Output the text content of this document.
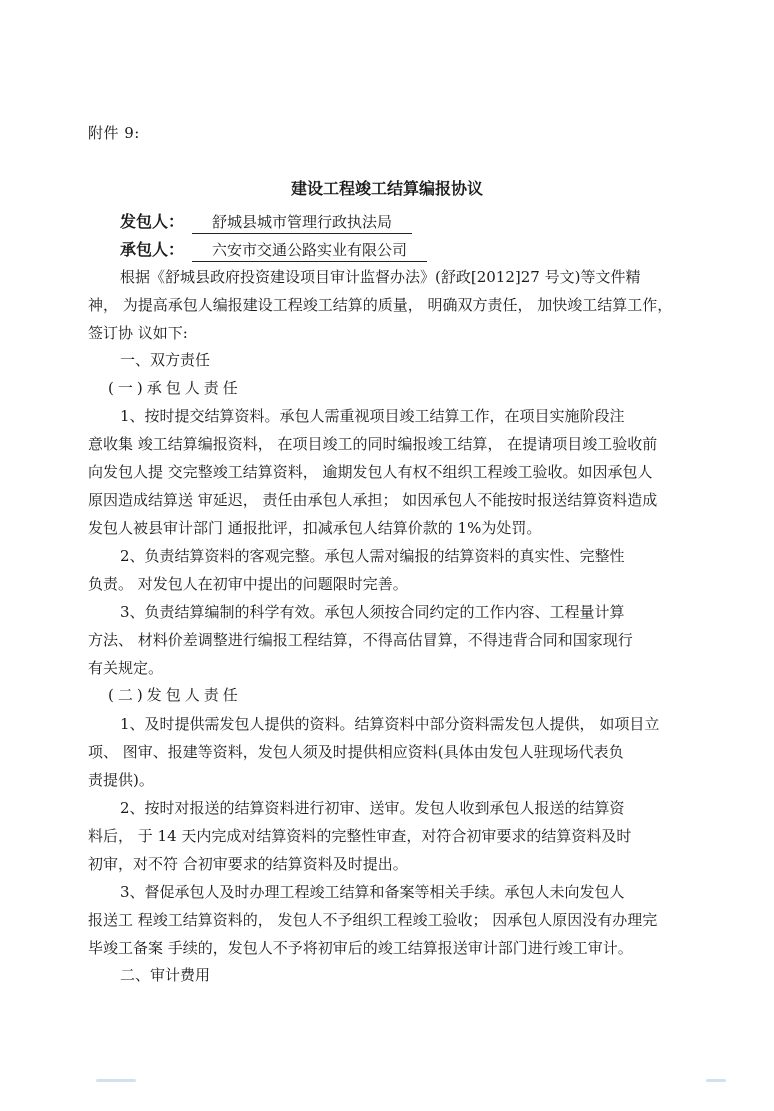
附件 9:
建设工程竣工结算编报协议
发包人： 舒城县城市管理行政执法局
承包人： 六安市交通公路实业有限公司
根据《舒城县政府投资建设项目审计监督办法》(舒政[2012]27 号文)等文件精
神， 为提高承包人编报建设工程竣工结算的质量， 明确双方责任， 加快竣工结算工作，
签订协 议如下:
一、双方责任
(一)承包人责任
1、按时提交结算资料。承包人需重视项目竣工结算工作，在项目实施阶段注
意收集 竣工结算编报资料， 在项目竣工的同时编报竣工结算， 在提请项目竣工验收前
向发包人提 交完整竣工结算资料， 逾期发包人有权不组织工程竣工验收。如因承包人
原因造成结算送 审延迟， 责任由承包人承担； 如因承包人不能按时报送结算资料造成
发包人被县审计部门 通报批评，扣减承包人结算价款的 1%为处罚。
2、负责结算资料的客观完整。承包人需对编报的结算资料的真实性、完整性
负责。 对发包人在初审中提出的问题限时完善。
3、负责结算编制的科学有效。承包人须按合同约定的工作内容、工程量计算
方法、 材料价差调整进行编报工程结算，不得高估冒算，不得违背合同和国家现行
有关规定。
(二)发包人责任
1、及时提供需发包人提供的资料。结算资料中部分资料需发包人提供， 如项目立
项、 图审、报建等资料，发包人须及时提供相应资料(具体由发包人驻现场代表负
责提供)。
2、按时对报送的结算资料进行初审、送审。发包人收到承包人报送的结算资
料后， 于 14 天内完成对结算资料的完整性审查，对符合初审要求的结算资料及时
初审，对不符 合初审要求的结算资料及时提出。
3、督促承包人及时办理工程竣工结算和备案等相关手续。承包人未向发包人
报送工 程竣工结算资料的， 发包人不予组织工程竣工验收； 因承包人原因没有办理完
毕竣工备案 手续的，发包人不予将初审后的竣工结算报送审计部门进行竣工审计。
二、审计费用
